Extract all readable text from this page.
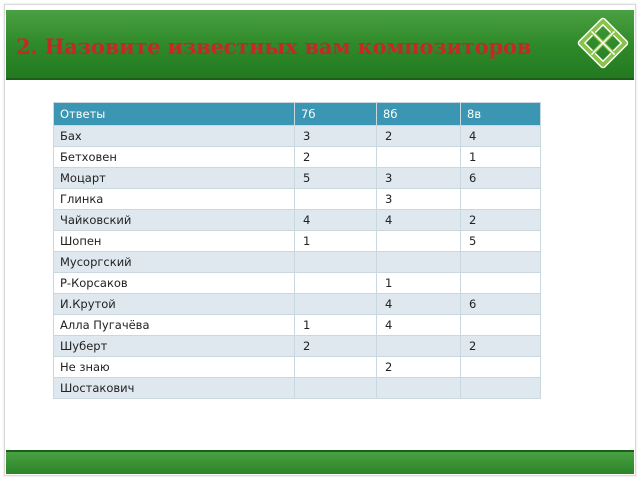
2. Назовите известных вам композиторов
Ответы	7б	8б	8в
Бах	3	2	4
Бетховен	2		1
Моцарт	5	3	6
Глинка		3	
Чайковский	4	4	2
Шопен	1		5
Мусоргский			
Р-Корсаков		1	
И.Крутой		4	6
Алла Пугачёва	1	4	
Шуберт	2		2
Не знаю		2	
Шостакович			
